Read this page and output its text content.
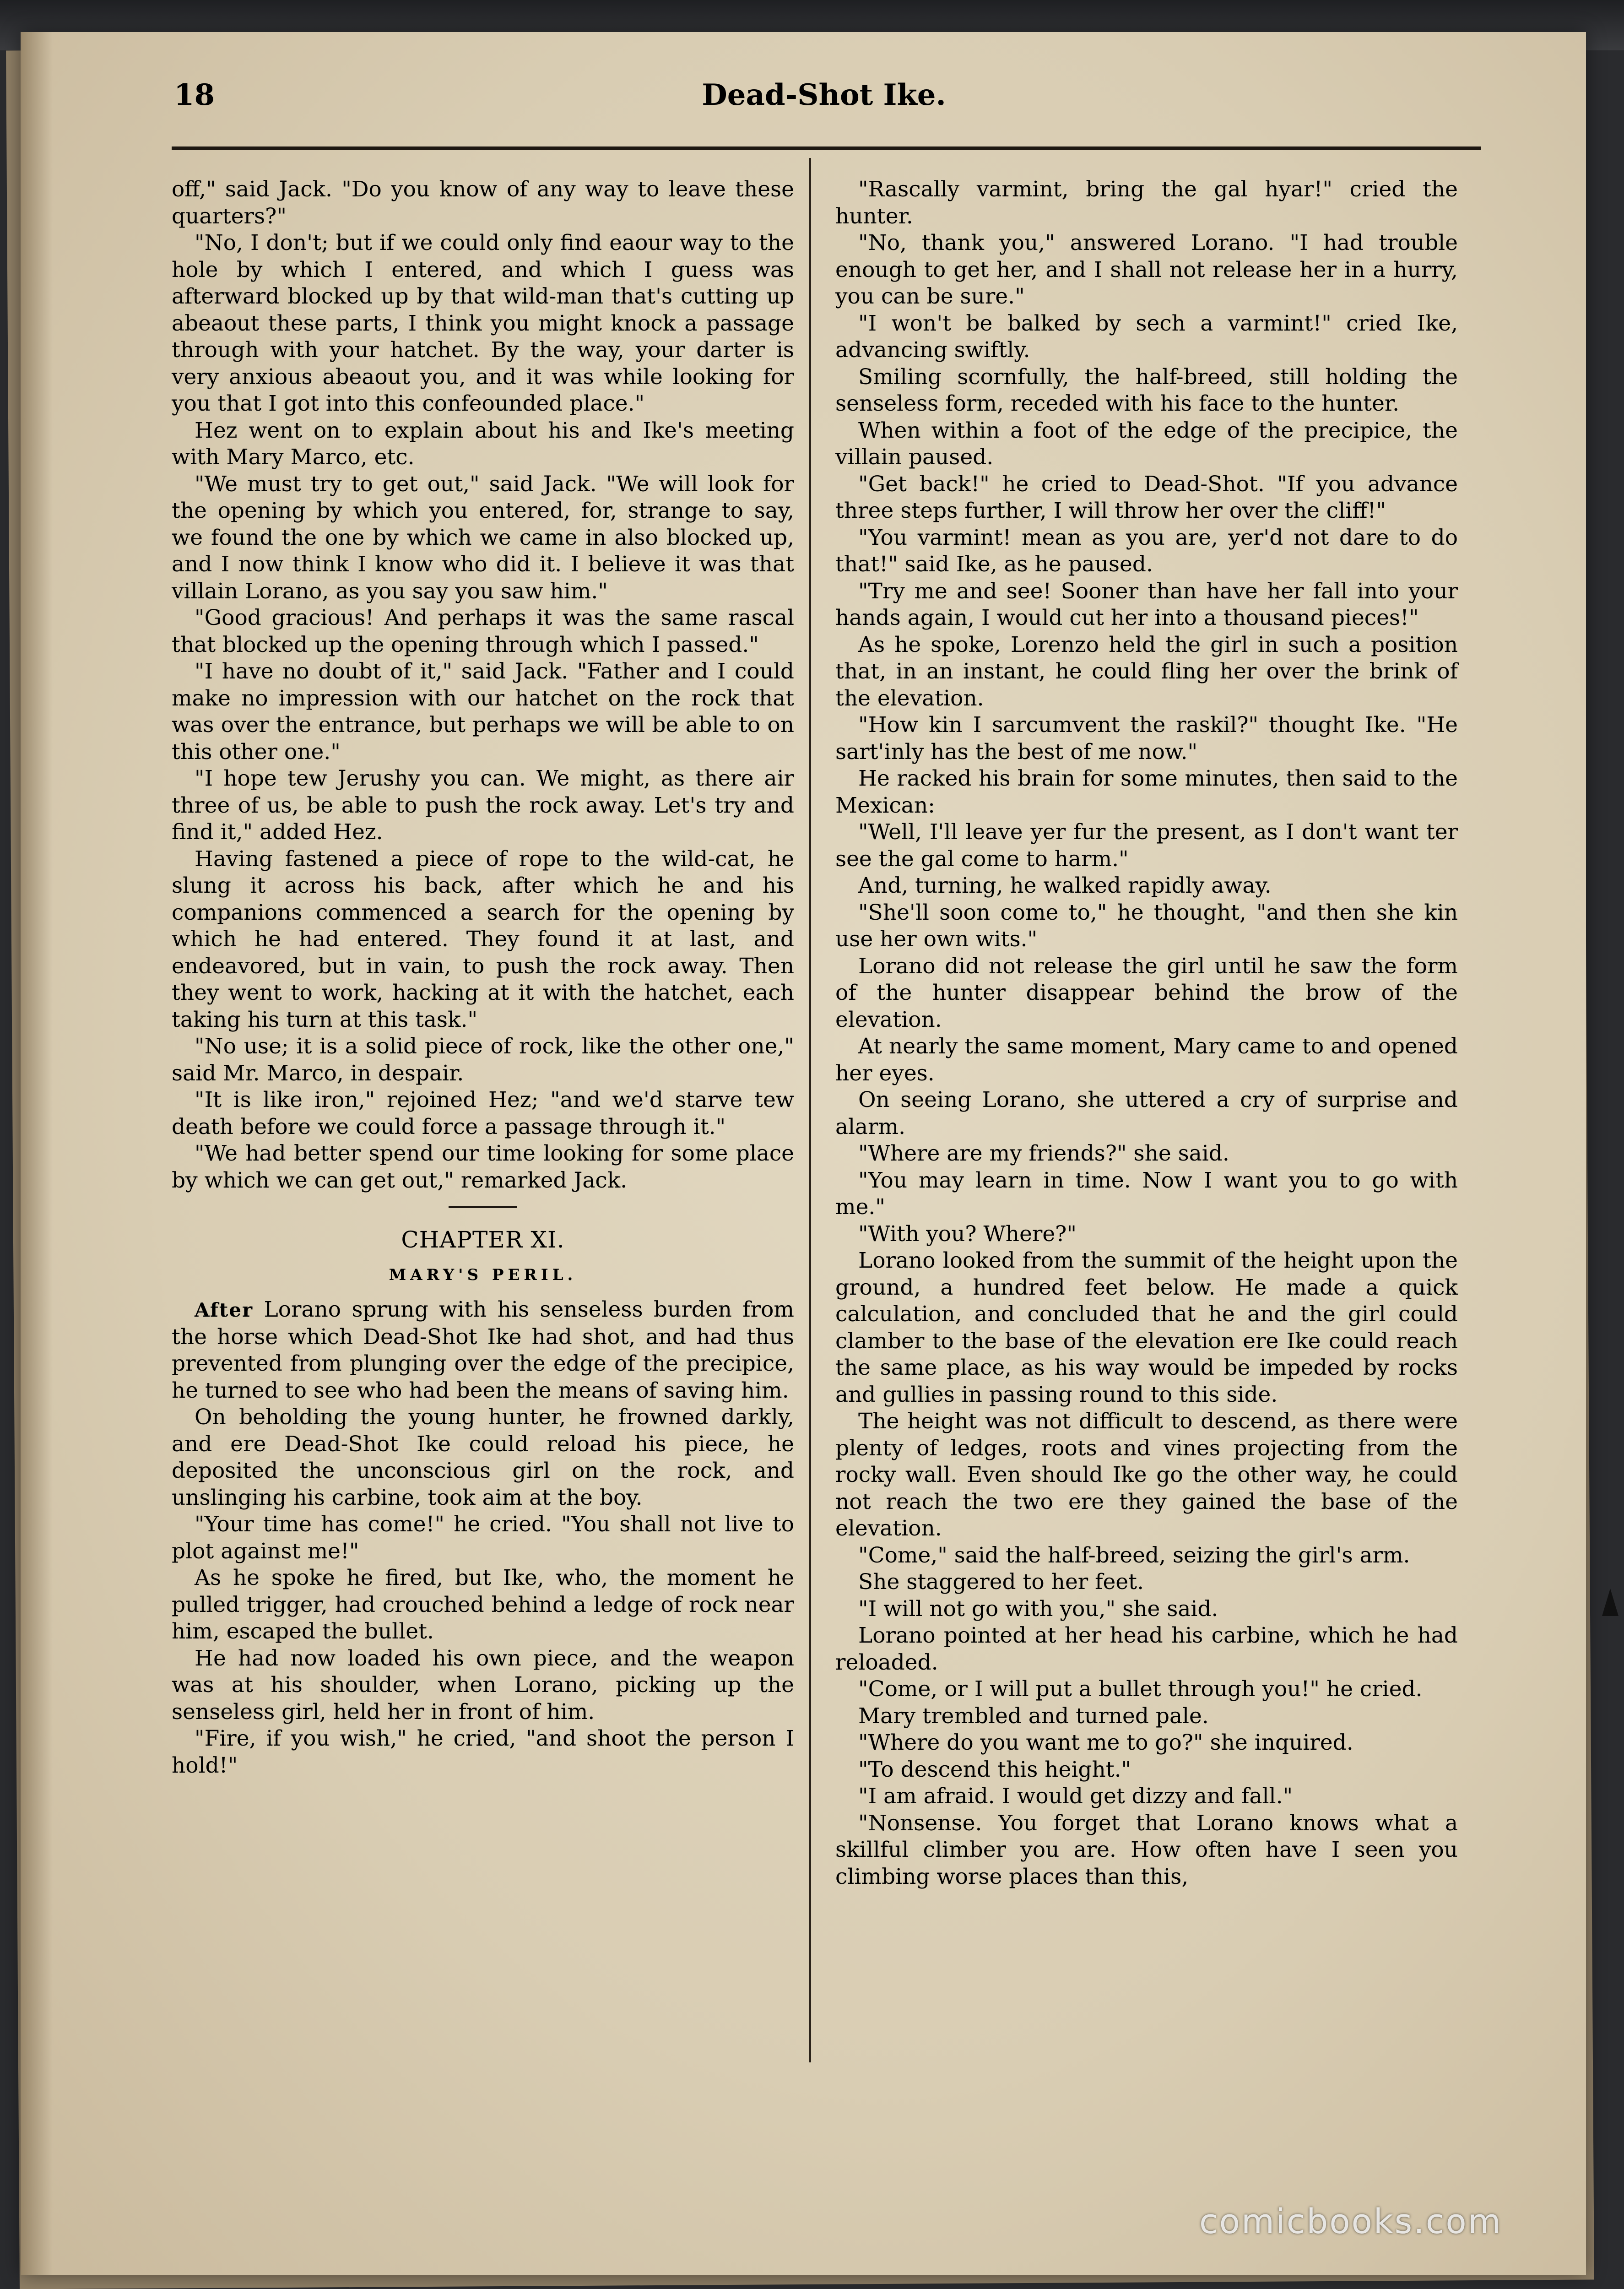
18	Dead-Shot Ike.

off," said Jack. "Do you know of any way to leave these quarters?"

"No, I don't; but if we could only find eaour way to the hole by which I entered, and which I guess was afterward blocked up by that wild-man that's cutting up abeaout these parts, I think you might knock a passage through with your hatchet. By the way, your darter is very anxious abeaout you, and it was while looking for you that I got into this confeounded place."

Hez went on to explain about his and Ike's meeting with Mary Marco, etc.

"We must try to get out," said Jack. "We will look for the opening by which you entered, for, strange to say, we found the one by which we came in also blocked up, and I now think I know who did it. I believe it was that villain Lorano, as you say you saw him."

"Good gracious! And perhaps it was the same rascal that blocked up the opening through which I passed."

"I have no doubt of it," said Jack. "Father and I could make no impression with our hatchet on the rock that was over the entrance, but perhaps we will be able to on this other one."

"I hope tew Jerushy you can. We might, as there air three of us, be able to push the rock away. Let's try and find it," added Hez.

Having fastened a piece of rope to the wild-cat, he slung it across his back, after which he and his companions commenced a search for the opening by which he had entered. They found it at last, and endeavored, but in vain, to push the rock away. Then they went to work, hacking at it with the hatchet, each taking his turn at this task."

"No use; it is a solid piece of rock, like the other one," said Mr. Marco, in despair.

"It is like iron," rejoined Hez; "and we'd starve tew death before we could force a passage through it."

"We had better spend our time looking for some place by which we can get out," remarked Jack.

CHAPTER XI.
MARY'S PERIL.

After Lorano sprung with his senseless burden from the horse which Dead-Shot Ike had shot, and had thus prevented from plunging over the edge of the precipice, he turned to see who had been the means of saving him.

On beholding the young hunter, he frowned darkly, and ere Dead-Shot Ike could reload his piece, he deposited the unconscious girl on the rock, and unslinging his carbine, took aim at the boy.

"Your time has come!" he cried. "You shall not live to plot against me!"

As he spoke he fired, but Ike, who, the moment he pulled trigger, had crouched behind a ledge of rock near him, escaped the bullet.

He had now loaded his own piece, and the weapon was at his shoulder, when Lorano, picking up the senseless girl, held her in front of him.

"Fire, if you wish," he cried, "and shoot the person I hold!"

"Rascally varmint, bring the gal hyar!" cried the hunter.

"No, thank you," answered Lorano. "I had trouble enough to get her, and I shall not release her in a hurry, you can be sure."

"I won't be balked by sech a varmint!" cried Ike, advancing swiftly.

Smiling scornfully, the half-breed, still holding the senseless form, receded with his face to the hunter.

When within a foot of the edge of the precipice, the villain paused.

"Get back!" he cried to Dead-Shot. "If you advance three steps further, I will throw her over the cliff!"

"You varmint! mean as you are, yer'd not dare to do that!" said Ike, as he paused.

"Try me and see! Sooner than have her fall into your hands again, I would cut her into a thousand pieces!"

As he spoke, Lorenzo held the girl in such a position that, in an instant, he could fling her over the brink of the elevation.

"How kin I sarcumvent the raskil?" thought Ike. "He sart'inly has the best of me now."

He racked his brain for some minutes, then said to the Mexican:

"Well, I'll leave yer fur the present, as I don't want ter see the gal come to harm."

And, turning, he walked rapidly away.

"She'll soon come to," he thought, "and then she kin use her own wits."

Lorano did not release the girl until he saw the form of the hunter disappear behind the brow of the elevation.

At nearly the same moment, Mary came to and opened her eyes.

On seeing Lorano, she uttered a cry of surprise and alarm.

"Where are my friends?" she said.

"You may learn in time. Now I want you to go with me."

"With you? Where?"

Lorano looked from the summit of the height upon the ground, a hundred feet below. He made a quick calculation, and concluded that he and the girl could clamber to the base of the elevation ere Ike could reach the same place, as his way would be impeded by rocks and gullies in passing round to this side.

The height was not difficult to descend, as there were plenty of ledges, roots and vines projecting from the rocky wall. Even should Ike go the other way, he could not reach the two ere they gained the base of the elevation.

"Come," said the half-breed, seizing the girl's arm.

She staggered to her feet.

"I will not go with you," she said.

Lorano pointed at her head his carbine, which he had reloaded.

"Come, or I will put a bullet through you!" he cried.

Mary trembled and turned pale.

"Where do you want me to go?" she inquired.

"To descend this height."

"I am afraid. I would get dizzy and fall."

"Nonsense. You forget that Lorano knows what a skillful climber you are. How often have I seen you climbing worse places than this,

comicbooks.com
